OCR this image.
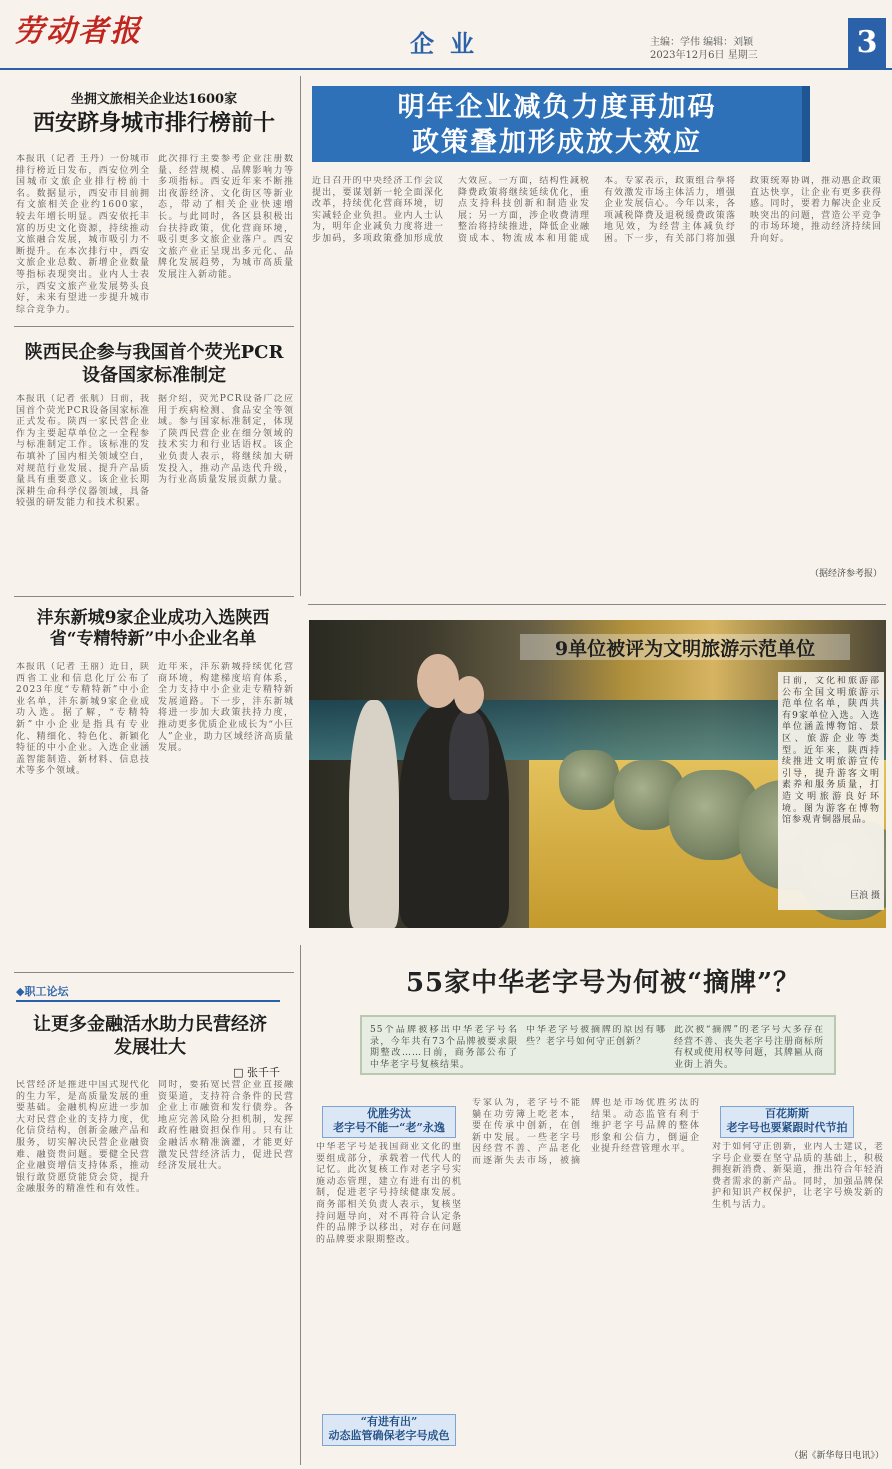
劳动者报	企业	主编：学伟 编辑：刘颖
2023年12月6日 星期三	3
坐拥文旅相关企业达1600家
西安跻身城市排行榜前十
本报讯（记者 王丹）一份城市排行榜近日发布，西安位列全国城市文旅企业排行榜前十名。数据显示，西安市目前拥有文旅相关企业约1600家，较去年增长明显。西安依托丰富的历史文化资源，持续推动文旅融合发展，城市吸引力不断提升。在本次排行中，西安文旅企业总数、新增企业数量等指标表现突出。业内人士表示，西安文旅产业发展势头良好，未来有望进一步提升城市综合竞争力。
此次排行主要参考企业注册数量、经营规模、品牌影响力等多项指标。西安近年来不断推出夜游经济、文化街区等新业态，带动了相关企业快速增长。与此同时，各区县积极出台扶持政策，优化营商环境，吸引更多文旅企业落户。西安文旅产业正呈现出多元化、品牌化发展趋势，为城市高质量发展注入新动能。
陕西民企参与我国首个荧光PCR设备国家标准制定
本报讯（记者 张航）日前，我国首个荧光PCR设备国家标准正式发布。陕西一家民营企业作为主要起草单位之一全程参与标准制定工作。该标准的发布填补了国内相关领域空白，对规范行业发展、提升产品质量具有重要意义。该企业长期深耕生命科学仪器领域，具备较强的研发能力和技术积累。
据介绍，荧光PCR设备广泛应用于疾病检测、食品安全等领域。参与国家标准制定，体现了陕西民营企业在细分领域的技术实力和行业话语权。该企业负责人表示，将继续加大研发投入，推动产品迭代升级，为行业高质量发展贡献力量。
沣东新城9家企业成功入选陕西省“专精特新”中小企业名单
本报讯（记者 王丽）近日，陕西省工业和信息化厅公布了2023年度“专精特新”中小企业名单，沣东新城9家企业成功入选。据了解，“专精特新”中小企业是指具有专业化、精细化、特色化、新颖化特征的中小企业。入选企业涵盖智能制造、新材料、信息技术等多个领域。
近年来，沣东新城持续优化营商环境，构建梯度培育体系，全力支持中小企业走专精特新发展道路。下一步，沣东新城将进一步加大政策扶持力度，推动更多优质企业成长为“小巨人”企业，助力区域经济高质量发展。
明年企业减负力度再加码
政策叠加形成放大效应
近日召开的中央经济工作会议提出，要谋划新一轮全面深化改革，持续优化营商环境，切实减轻企业负担。业内人士认为，明年企业减负力度将进一步加码，多项政策叠加形成放大效应。一方面，结构性减税降费政策将继续延续优化，重点支持科技创新和制造业发展；另一方面，涉企收费清理整治将持续推进，降低企业融资成本、物流成本和用能成本。专家表示，政策组合拳将有效激发市场主体活力，增强企业发展信心。今年以来，各项减税降费及退税缓费政策落地见效，为经营主体减负纾困。下一步，有关部门将加强政策统筹协调，推动惠企政策直达快享，让企业有更多获得感。同时，要着力解决企业反映突出的问题，营造公平竞争的市场环境，推动经济持续回升向好。
（据经济参考报）
9单位被评为文明旅游示范单位
日前，文化和旅游部公布全国文明旅游示范单位名单，陕西共有9家单位入选。入选单位涵盖博物馆、景区、旅游企业等类型。近年来，陕西持续推进文明旅游宣传引导，提升游客文明素养和服务质量，打造文明旅游良好环境。图为游客在博物馆参观青铜器展品。
巨浪 摄
55家中华老字号为何被“摘牌”？
55个品牌被移出中华老字号名录，今年共有73个品牌被要求限期整改……日前，商务部公布了中华老字号复核结果。
中华老字号被摘牌的原因有哪些？老字号如何守正创新？
此次被“摘牌”的老字号大多存在经营不善、丧失老字号注册商标所有权或使用权等问题，其牌匾从商业街上消失。
优胜劣汰
老字号不能一“老”永逸
中华老字号是我国商业文化的重要组成部分，承载着一代代人的记忆。此次复核工作对老字号实施动态管理，建立有进有出的机制，促进老字号持续健康发展。商务部相关负责人表示，复核坚持问题导向，对不再符合认定条件的品牌予以移出，对存在问题的品牌要求限期整改。
“有进有出”
动态监管确保老字号成色
专家认为，老字号不能躺在功劳簿上吃老本，要在传承中创新，在创新中发展。一些老字号因经营不善、产品老化而逐渐失去市场，被摘牌也是市场优胜劣汰的结果。动态监管有利于维护老字号品牌的整体形象和公信力，倒逼企业提升经营管理水平。
百花斯斯
老字号也要紧跟时代节拍
对于如何守正创新，业内人士建议，老字号企业要在坚守品质的基础上，积极拥抱新消费、新渠道，推出符合年轻消费者需求的新产品。同时，加强品牌保护和知识产权保护，让老字号焕发新的生机与活力。
（据《新华每日电讯》）
◆职工论坛
让更多金融活水助力民营经济发展壮大
□ 张千千
民营经济是推进中国式现代化的生力军，是高质量发展的重要基础。金融机构应进一步加大对民营企业的支持力度，优化信贷结构，创新金融产品和服务，切实解决民营企业融资难、融资贵问题。要健全民营企业融资增信支持体系，推动银行敢贷愿贷能贷会贷，提升金融服务的精准性和有效性。
同时，要拓宽民营企业直接融资渠道，支持符合条件的民营企业上市融资和发行债券。各地应完善风险分担机制，发挥政府性融资担保作用。只有让金融活水精准滴灌，才能更好激发民营经济活力，促进民营经济发展壮大。
